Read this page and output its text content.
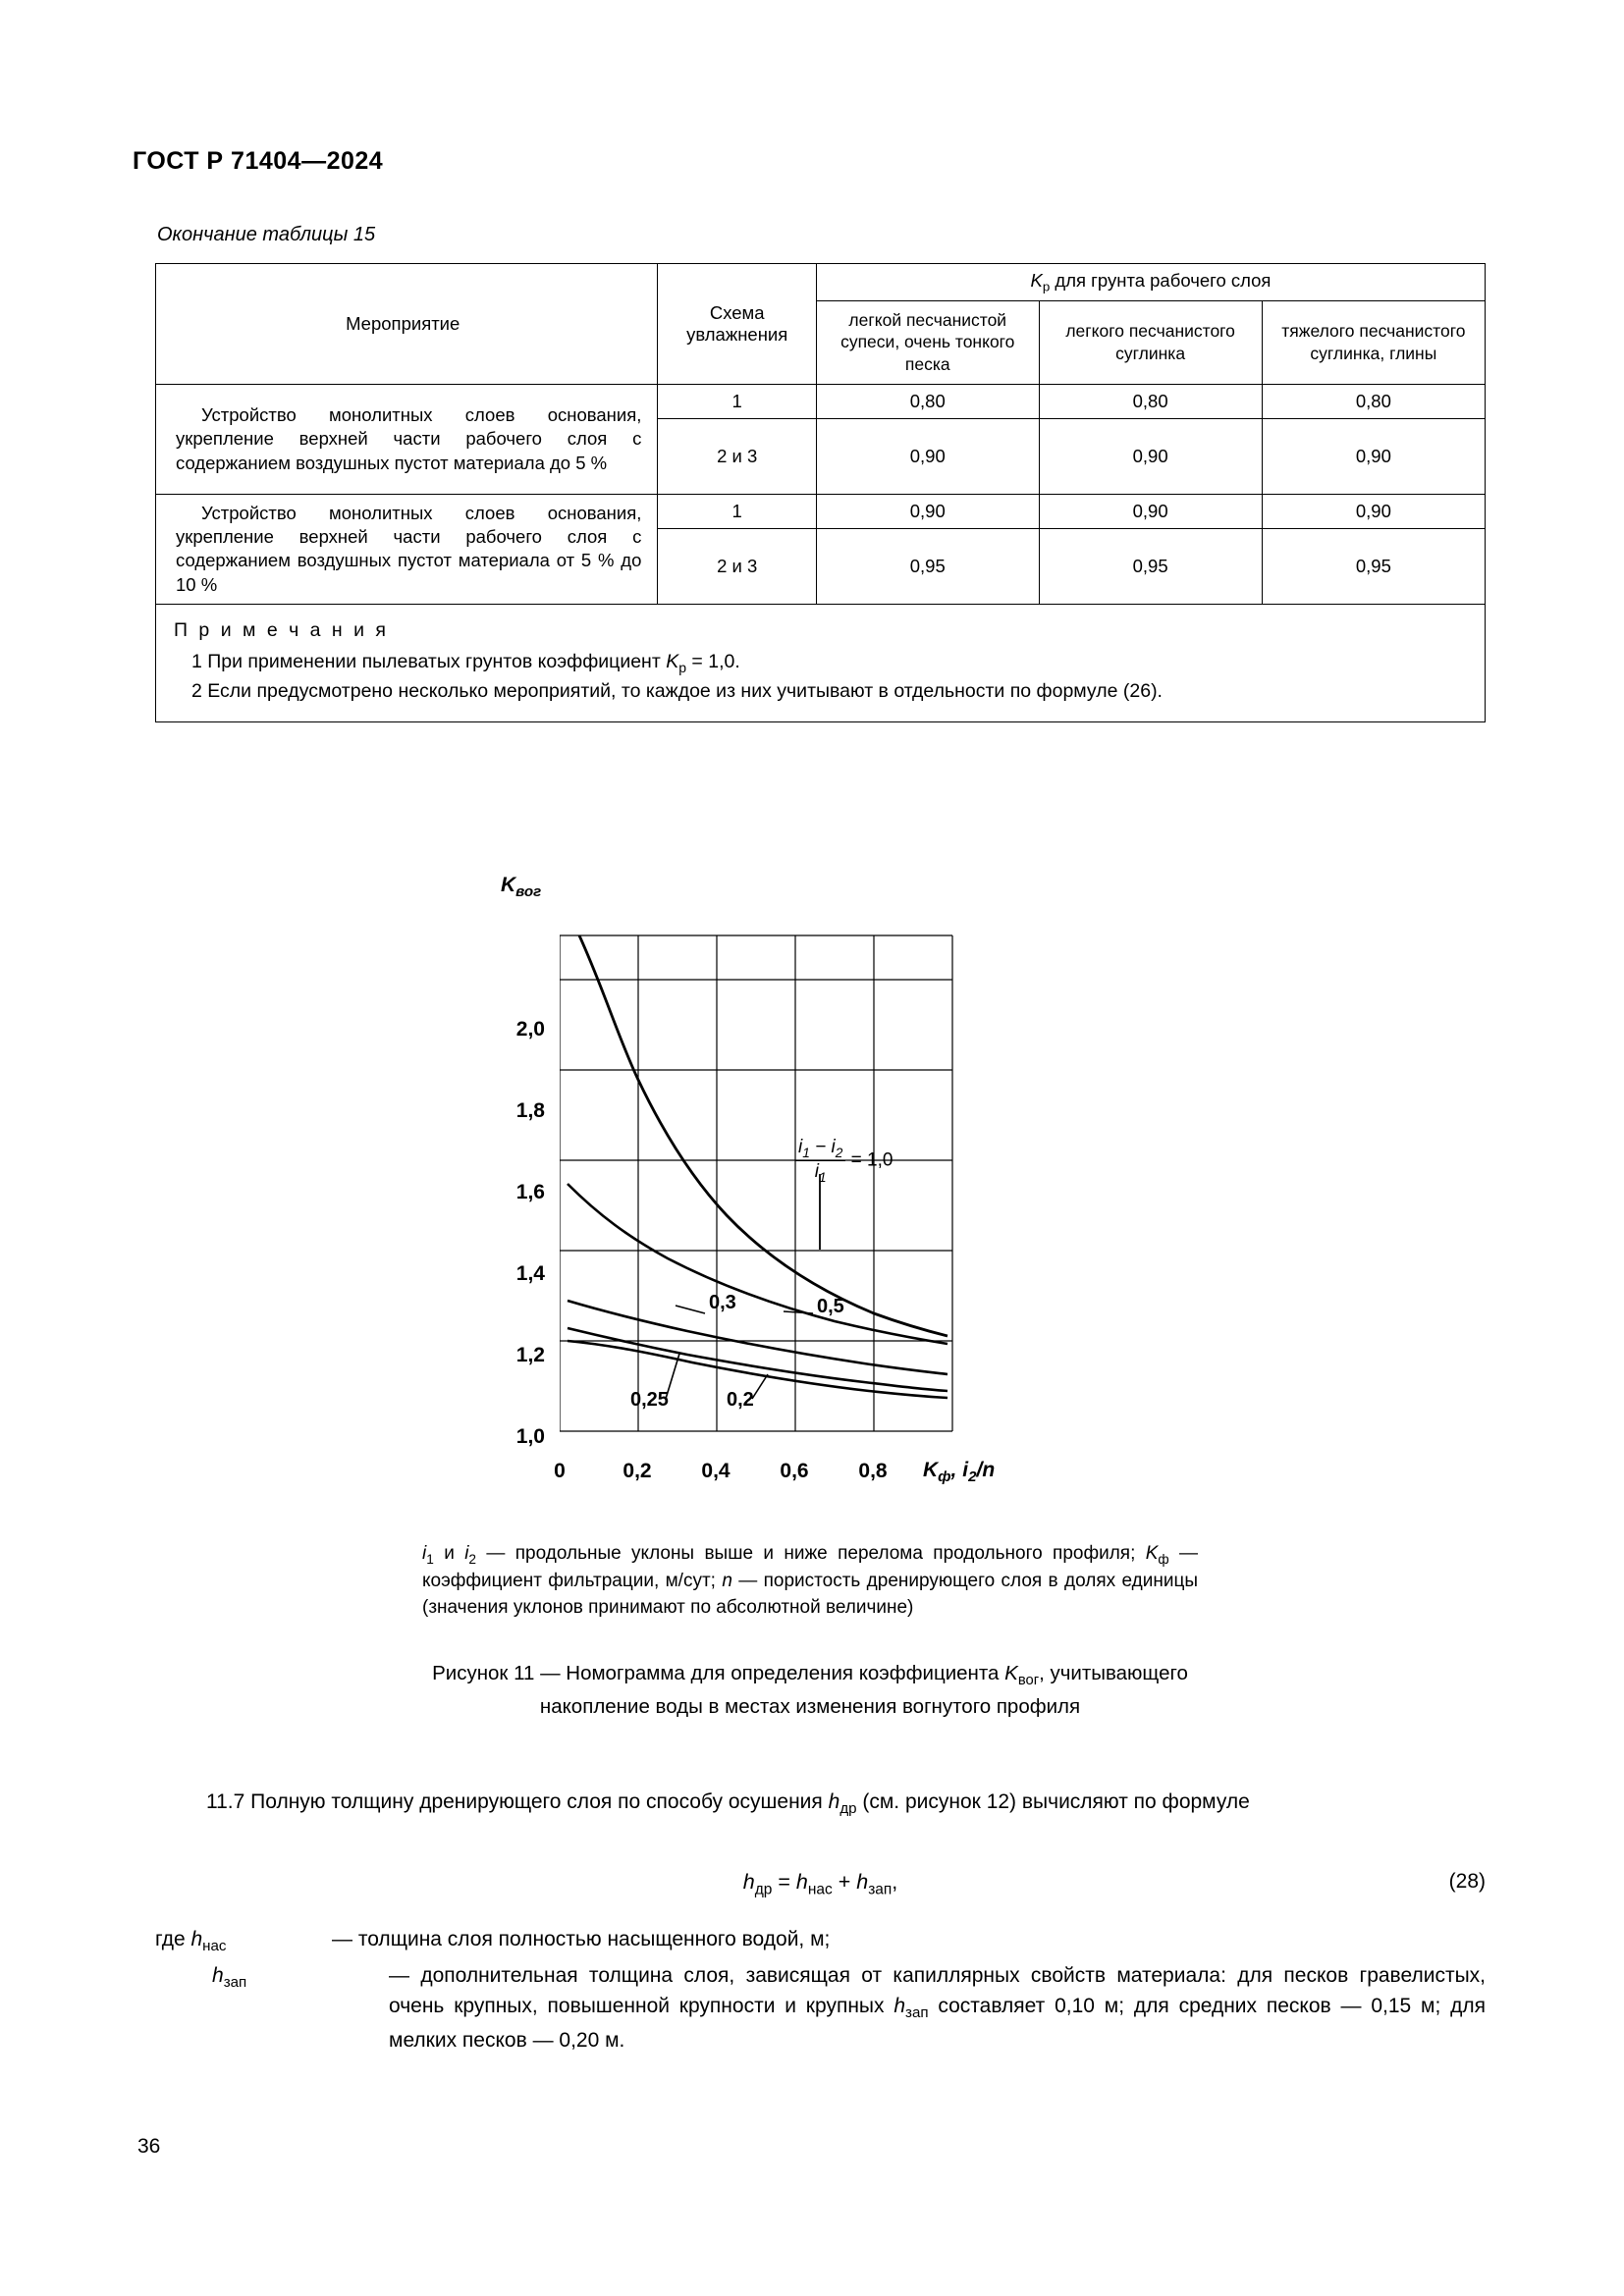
ГОСТ Р 71404—2024
Окончание таблицы 15
Мероприятие	Схема увлажнения	$K_р$ для грунта рабочего слоя		
		легкой песчанистой супеси, очень тонкого песка	легкого песчанистого суглинка	тяжелого песчанистого суглинка, глины

Устройство монолитных слоев основания, укрепление верхней части рабочего слоя с содержанием воздушных пустот материала до 5 %	1	0,80	0,80	0,80
	2 и 3	0,90	0,90	0,90

Устройство монолитных слоев основания, укрепление верхней части рабочего слоя с содержанием воздушных пустот материала от 5 % до 10 %	1	0,90	0,90	0,90
	2 и 3	0,95	0,95	0,95

П р и м е ч а н и я
1 При применении пылеватых грунтов коэффициент $K_р = 1,0$.
2 Если предусмотрено несколько мероприятий, то каждое из них учитывают в отдельности по формуле (26).				
$K_{вог}$
2,0
1,8
1,6
1,4
1,2
1,0
0	0,2	0,4	0,6	0,8	$K_ф$, $i_2/n$
$\frac{i_1 - i_2}{i_1} = 1,0$
0,3	0,5
0,25	0,2
$i_1$ и $i_2$ — продольные уклоны выше и ниже перелома продольного профиля; $K_ф$ — коэффициент фильтрации, м/сут; n — пористость дренирующего слоя в долях единицы (значения уклонов принимают по абсолютной величине)
Рисунок 11 — Номограмма для определения коэффициента $K_{вог}$, учитывающего накопление воды в местах изменения вогнутого профиля
11.7 Полную толщину дренирующего слоя по способу осушения $h_{др}$ (см. рисунок 12) вычисляют по формуле
$h_{др} = h_{нас} + h_{зап}$,	(28)
где $h_{нас}$	— толщина слоя полностью насыщенного водой, м;
$h_{зап}$	— дополнительная толщина слоя, зависящая от капиллярных свойств материала: для песков гравелистых, очень крупных, повышенной крупности и крупных $h_{зап}$ составляет 0,10 м; для средних песков — 0,15 м; для мелких песков — 0,20 м.
36
